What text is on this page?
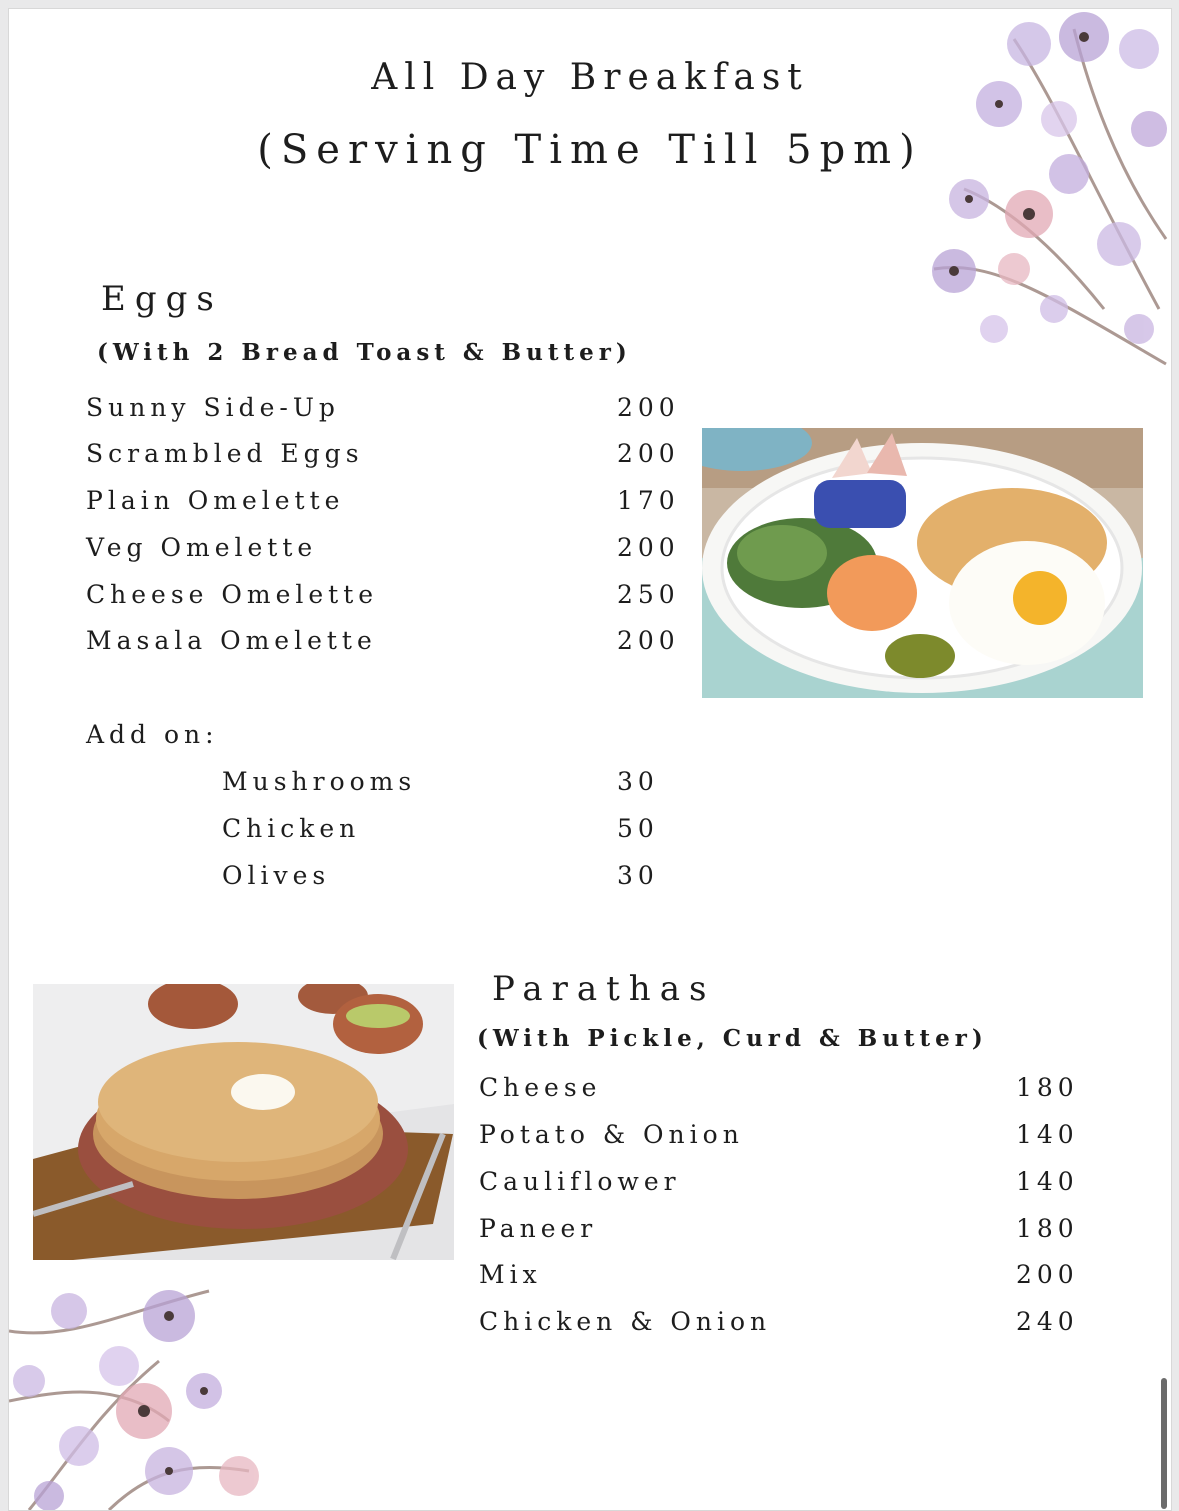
All Day Breakfast
(Serving Time Till 5pm)
Eggs
(With 2 Bread Toast & Butter)
Sunny Side-Up	200
Scrambled Eggs	200
Plain Omelette	170
Veg Omelette	200
Cheese Omelette	250
Masala Omelette	200
Add on:
Mushrooms	30
Chicken	50
Olives	30
Parathas
(With Pickle, Curd & Butter)
Cheese	180
Potato & Onion	140
Cauliflower	140
Paneer	180
Mix	200
Chicken & Onion	240
